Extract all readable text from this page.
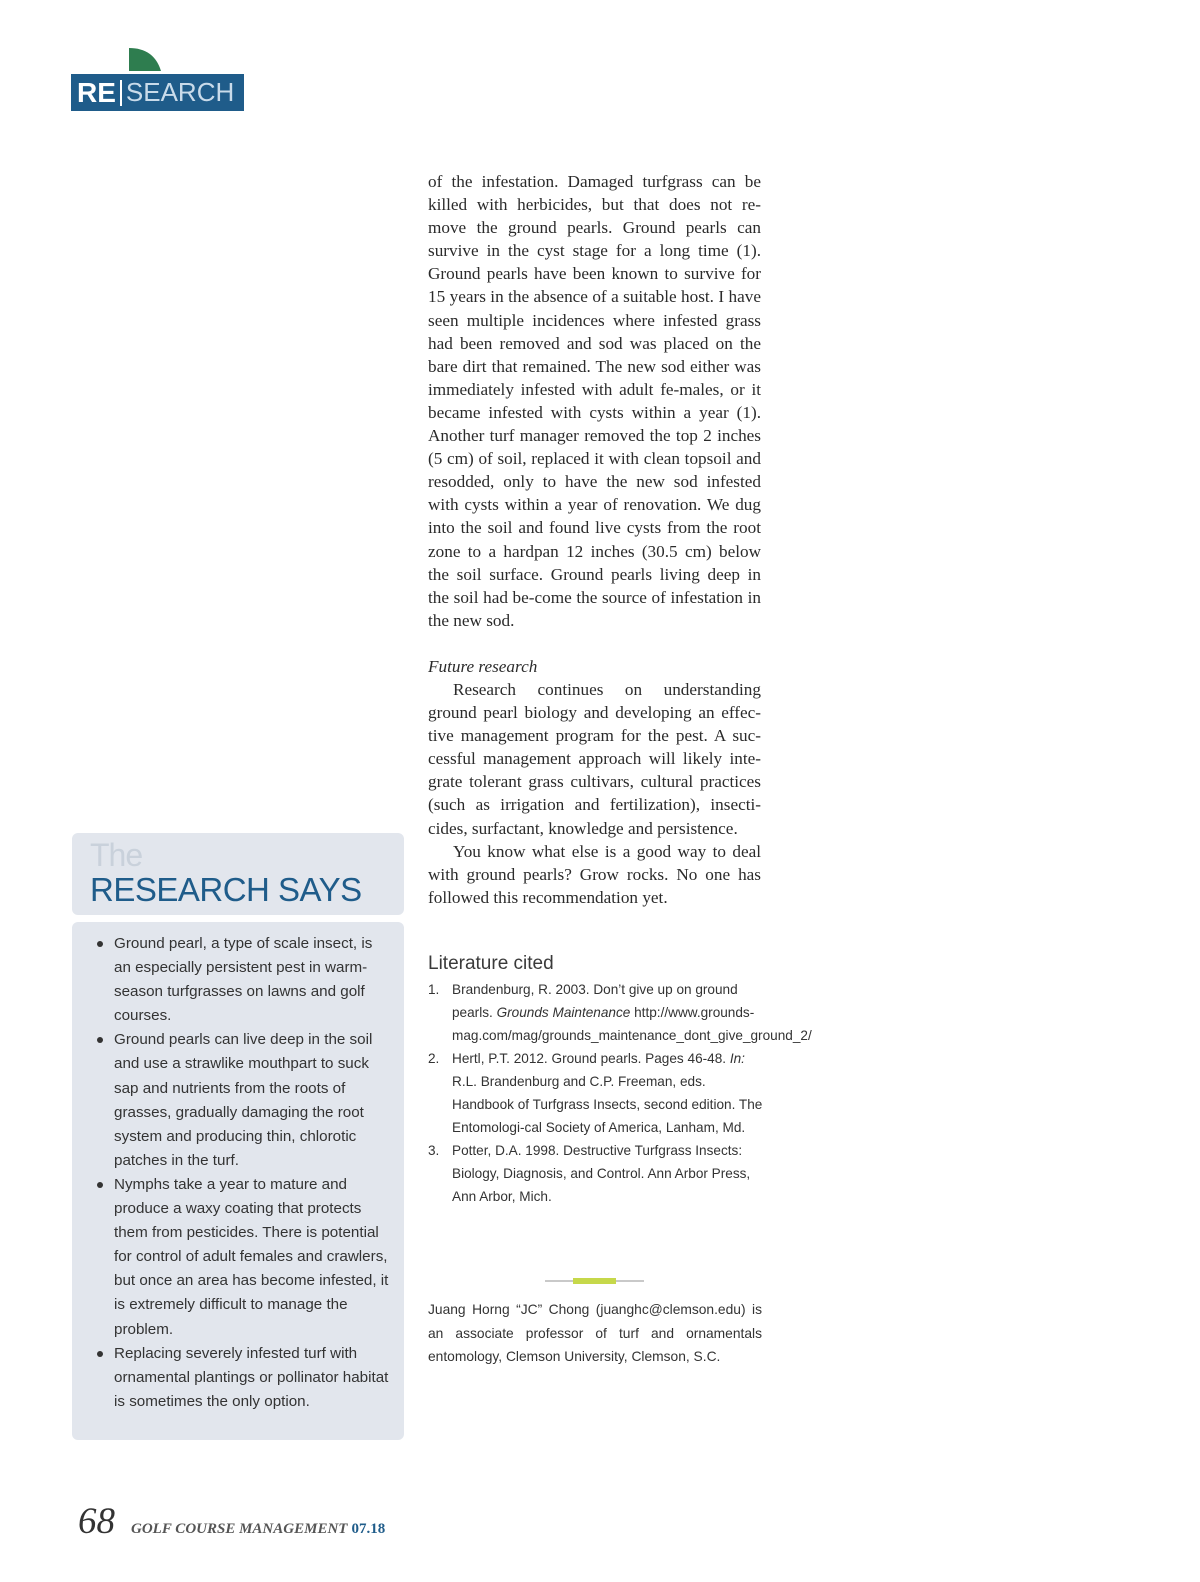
RE SEARCH

of the infestation. Damaged turfgrass can be killed with herbicides, but that does not re-move the ground pearls. Ground pearls can survive in the cyst stage for a long time (1). Ground pearls have been known to survive for 15 years in the absence of a suitable host. I have seen multiple incidences where infested grass had been removed and sod was placed on the bare dirt that remained. The new sod either was immediately infested with adult fe-males, or it became infested with cysts within a year (1). Another turf manager removed the top 2 inches (5 cm) of soil, replaced it with clean topsoil and resodded, only to have the new sod infested with cysts within a year of renovation. We dug into the soil and found live cysts from the root zone to a hardpan 12 inches (30.5 cm) below the soil surface. Ground pearls living deep in the soil had be-come the source of infestation in the new sod.

Future research

Research continues on understanding ground pearl biology and developing an effec-tive management program for the pest. A suc-cessful management approach will likely inte-grate tolerant grass cultivars, cultural practices (such as irrigation and fertilization), insecti-cides, surfactant, knowledge and persistence.

You know what else is a good way to deal with ground pearls? Grow rocks. No one has followed this recommendation yet.

Literature cited
1. Brandenburg, R. 2003. Don’t give up on ground pearls. Grounds Maintenance http://www.grounds-mag.com/mag/grounds_maintenance_dont_give_ground_2/
2. Hertl, P.T. 2012. Ground pearls. Pages 46-48. In: R.L. Brandenburg and C.P. Freeman, eds. Handbook of Turfgrass Insects, second edition. The Entomologi-cal Society of America, Lanham, Md.
3. Potter, D.A. 1998. Destructive Turfgrass Insects: Biology, Diagnosis, and Control. Ann Arbor Press, Ann Arbor, Mich.
Juang Horng “JC” Chong (juanghc@clemson.edu) is an associate professor of turf and ornamentals entomology, Clemson University, Clemson, S.C.
The
RESEARCH SAYS
Ground pearl, a type of scale insect, is an especially persistent pest in warm-season turfgrasses on lawns and golf courses.
Ground pearls can live deep in the soil and use a strawlike mouthpart to suck sap and nutrients from the roots of grasses, gradually damaging the root system and producing thin, chlorotic patches in the turf.
Nymphs take a year to mature and produce a waxy coating that protects them from pesticides. There is potential for control of adult females and crawlers, but once an area has become infested, it is extremely difficult to manage the problem.
Replacing severely infested turf with ornamental plantings or pollinator habitat is sometimes the only option.
68 GOLF COURSE MANAGEMENT 07.18
